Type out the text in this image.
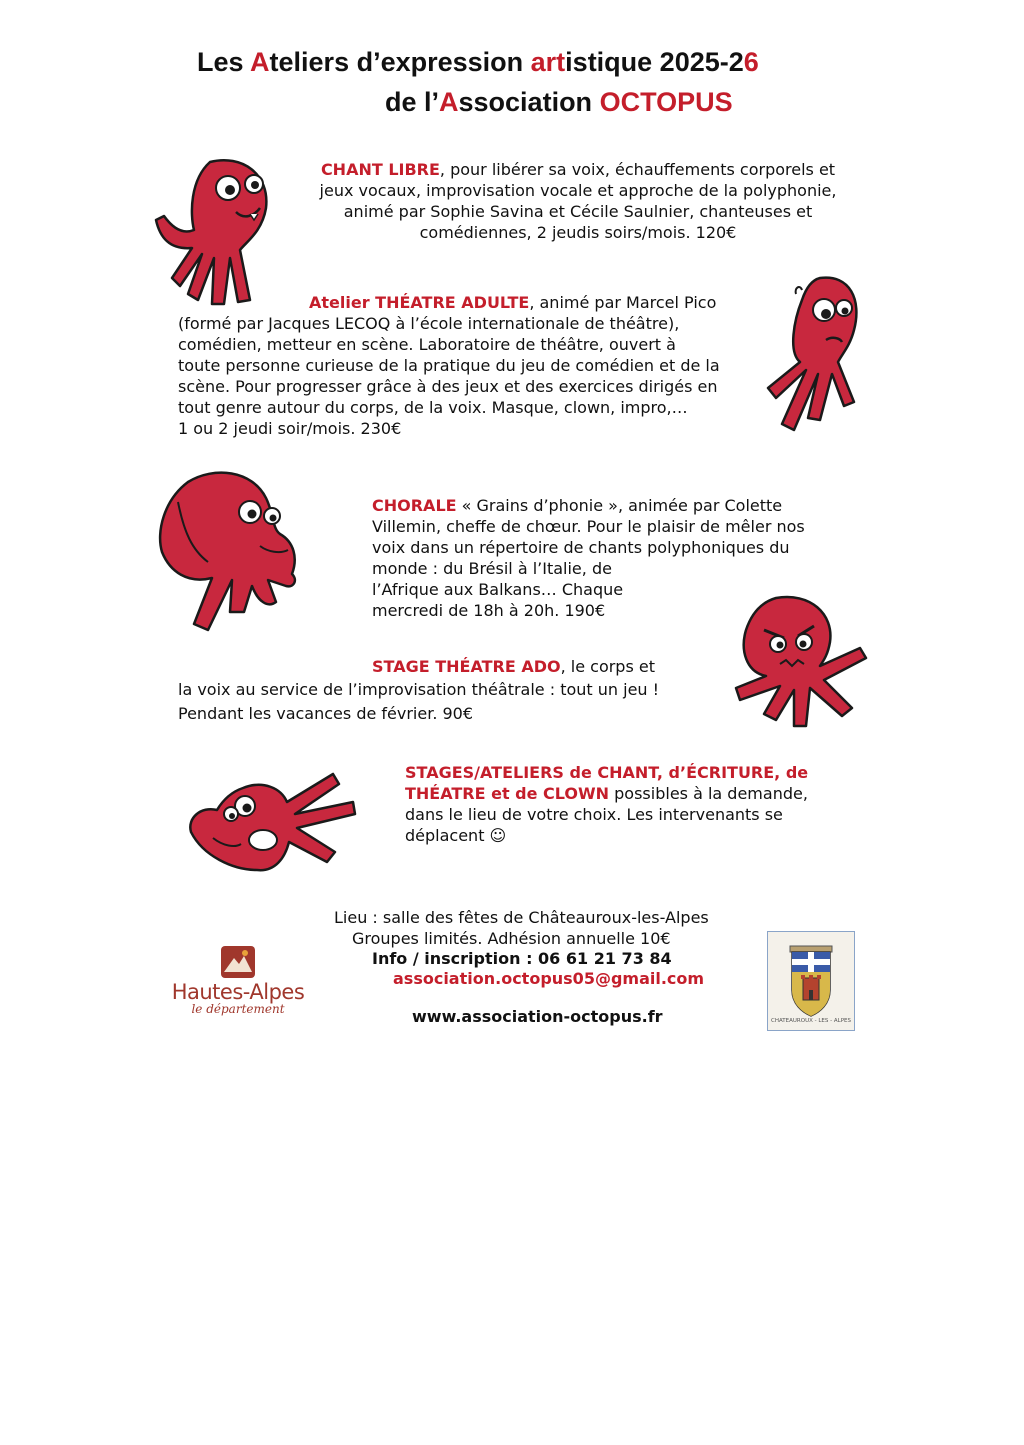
Les Ateliers d’expression artistique 2025-26
de l’Association OCTOPUS
CHANT LIBRE, pour libérer sa voix, échauffements corporels et
jeux vocaux, improvisation vocale et approche de la polyphonie,
animé par Sophie Savina et Cécile Saulnier, chanteuses et
comédiennes, 2 jeudis soirs/mois. 120€
Atelier THÉATRE ADULTE, animé par Marcel Pico
(formé par Jacques LECOQ à l’école internationale de théâtre),
comédien, metteur en scène. Laboratoire de théâtre, ouvert à
toute personne curieuse de la pratique du jeu de comédien et de la
scène. Pour progresser grâce à des jeux et des exercices dirigés en
tout genre autour du corps, de la voix. Masque, clown, impro,…
1 ou 2 jeudi soir/mois. 230€
CHORALE « Grains d’phonie », animée par Colette
Villemin, cheffe de chœur. Pour le plaisir de mêler nos
voix dans un répertoire de chants polyphoniques du
monde : du Brésil à l’Italie, de
l’Afrique aux Balkans… Chaque
mercredi de 18h à 20h. 190€
STAGE THÉATRE ADO, le corps et
la voix au service de l’improvisation théâtrale : tout un jeu !
Pendant les vacances de février. 90€
STAGES/ATELIERS de CHANT, d’ÉCRITURE, de
THÉATRE et de CLOWN possibles à la demande,
dans le lieu de votre choix. Les intervenants se
déplacent ☺
Lieu : salle des fêtes de Châteauroux-les-Alpes
Groupes limités. Adhésion annuelle 10€
Info / inscription : 06 61 21 73 84
association.octopus05@gmail.com
www.association-octopus.fr
Hautes-Alpes
le département
CHATEAUROUX - LES - ALPES
